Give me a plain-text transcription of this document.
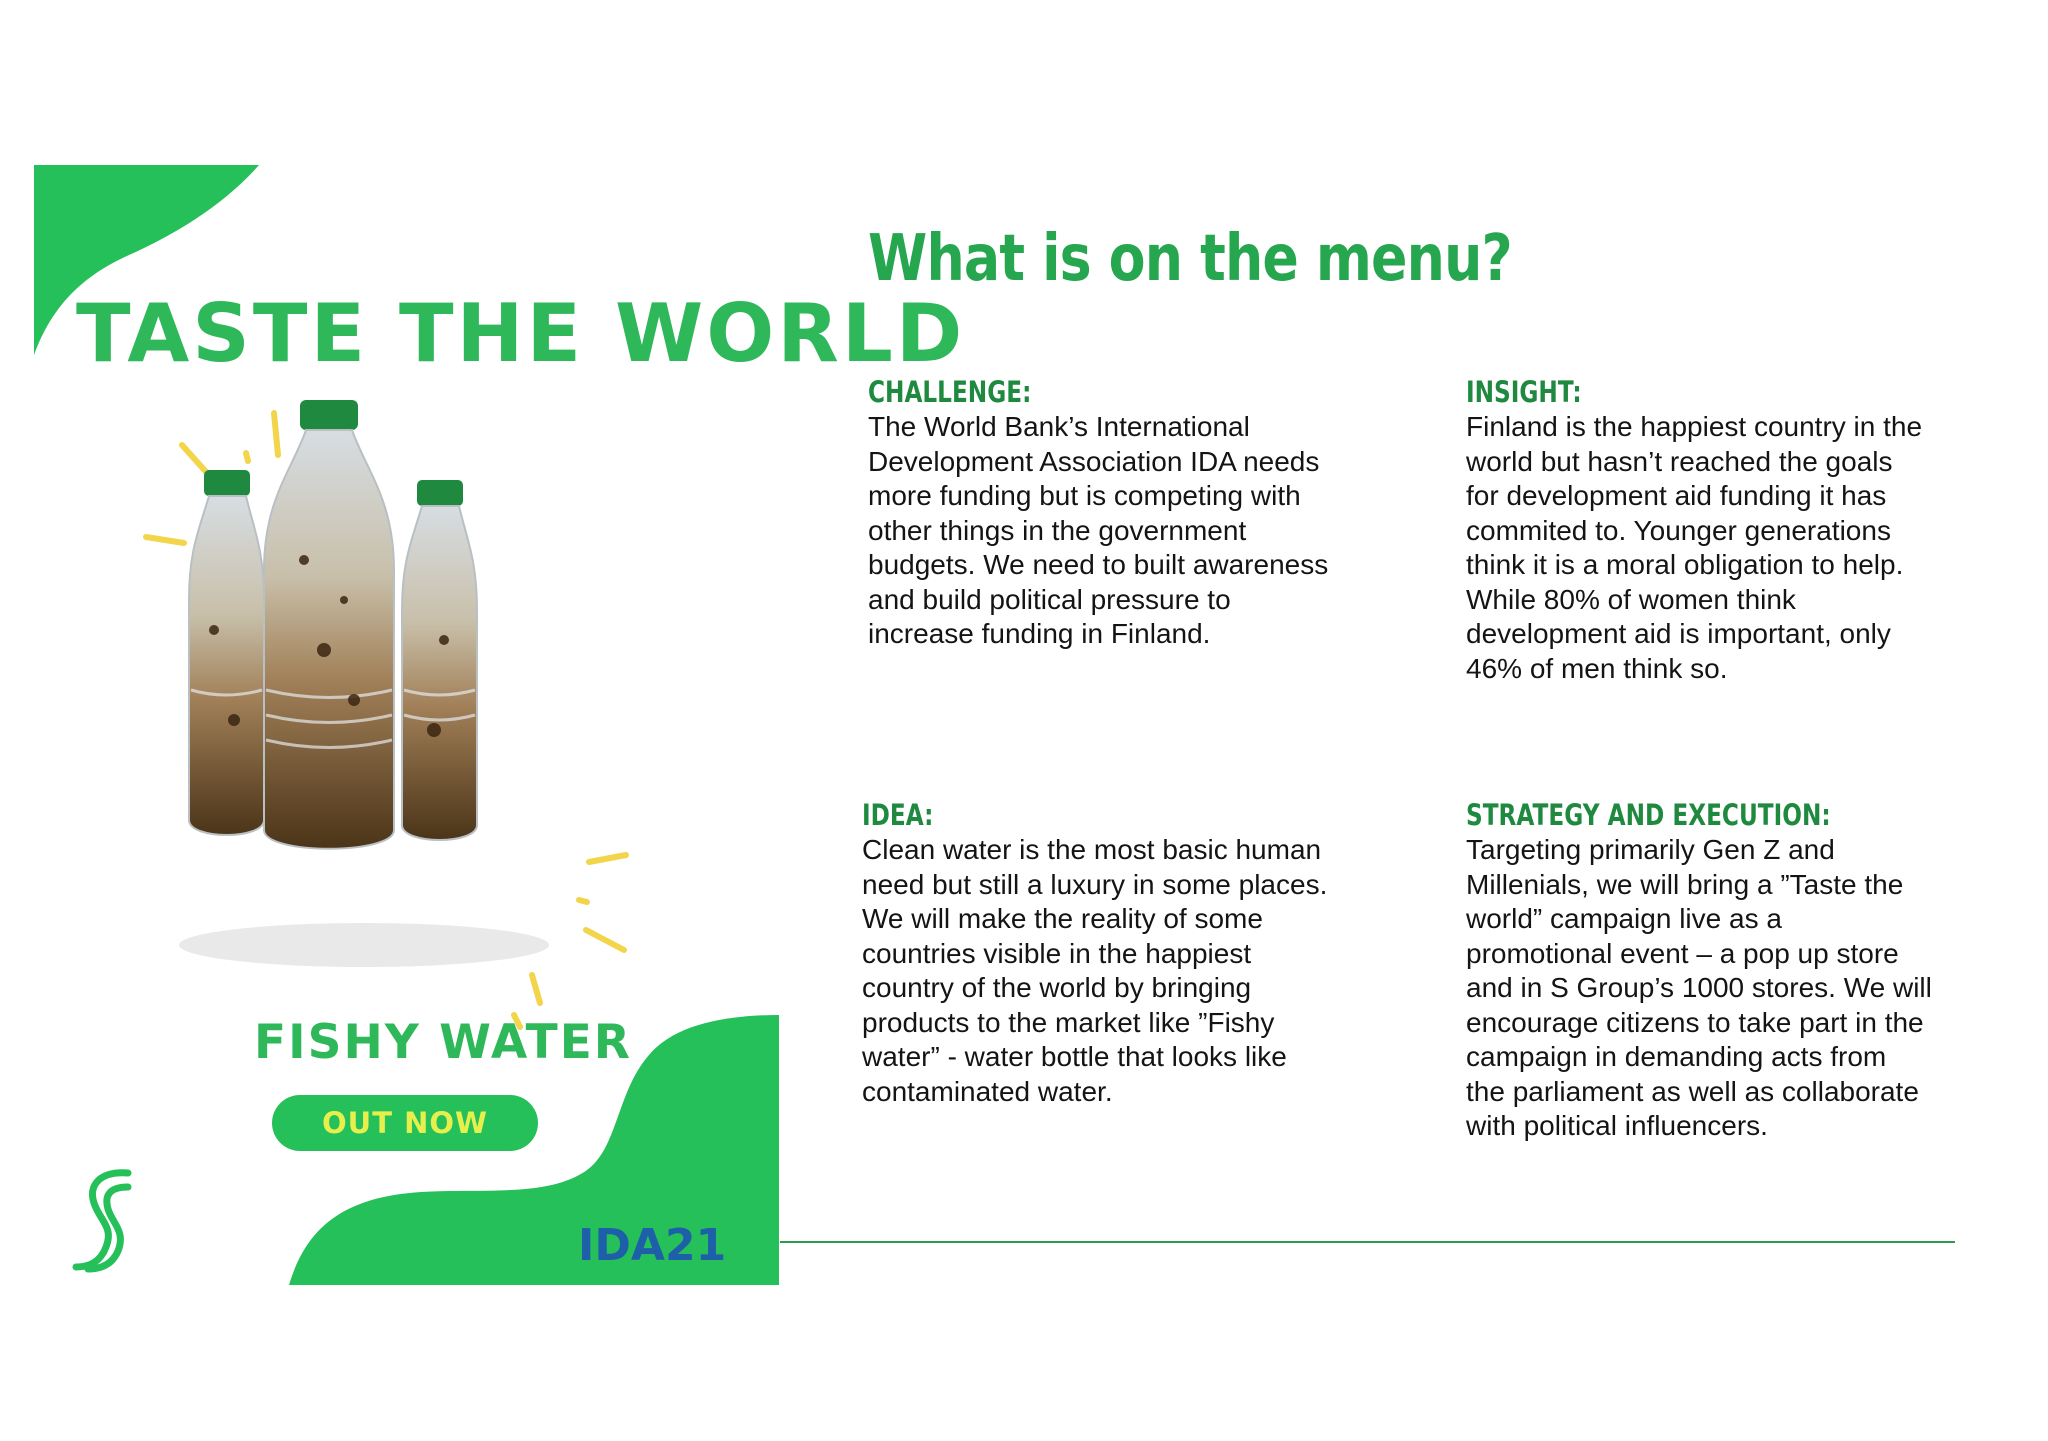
TASTE THE WORLD
FISHY WATER
OUT NOW
IDA21
What is on the menu?
CHALLENGE:

The World Bank’s International
Development Association IDA needs
more funding but is competing with
other things in the government
budgets. We need to built awareness
and build political pressure to
increase funding in Finland.

INSIGHT:

Finland is the happiest country in the
world but hasn’t reached the goals
for development aid funding it has
commited to. Younger generations
think it is a moral obligation to help.
While 80% of women think
development aid is important, only
46% of men think so.

IDEA:

Clean water is the most basic human
need but still a luxury in some places.
We will make the reality of some
countries visible in the happiest
country of the world by bringing
products to the market like ”Fishy
water” - water bottle that looks like
contaminated water.

STRATEGY AND EXECUTION:

Targeting primarily Gen Z and
Millenials, we will bring a ”Taste the
world” campaign live as a
promotional event – a pop up store
and in S Group’s 1000 stores. We will
encourage citizens to take part in the
campaign in demanding acts from
the parliament as well as collaborate
with political influencers.
